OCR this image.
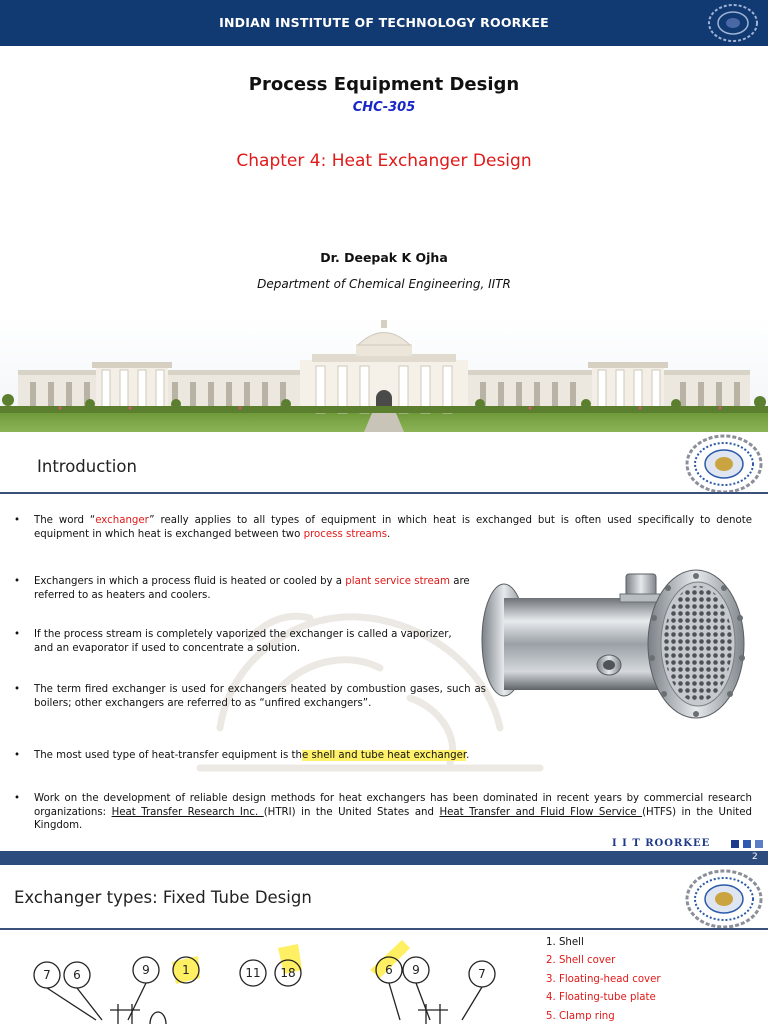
INDIAN INSTITUTE OF TECHNOLOGY ROORKEE
Process Equipment Design
CHC-305
Chapter 4: Heat Exchanger Design
Dr. Deepak K Ojha
Department of Chemical Engineering, IITR
Introduction
• The word “exchanger” really applies to all types of equipment in which heat is exchanged but is often used specifically to denote equipment in which heat is exchanged between two process streams.
• Exchangers in which a process fluid is heated or cooled by a plant service stream are referred to as heaters and coolers.
• If the process stream is completely vaporized the exchanger is called a vaporizer, and an evaporator if used to concentrate a solution.
• The term fired exchanger is used for exchangers heated by combustion gases, such as boilers; other exchangers are referred to as “unfired exchangers”.
• The most used type of heat-transfer equipment is the shell and tube heat exchanger.
• Work on the development of reliable design methods for heat exchangers has been dominated in recent years by commercial research organizations: Heat Transfer Research Inc. (HTRI) in the United States and Heat Transfer and Fluid Flow Service (HTFS) in the United Kingdom.
I I T ROORKEE
2
Exchanger types: Fixed Tube Design
7 6	9	1	11 18	6 9	7
1. Shell
2. Shell cover
3. Floating-head cover
4. Floating-tube plate
5. Clamp ring
